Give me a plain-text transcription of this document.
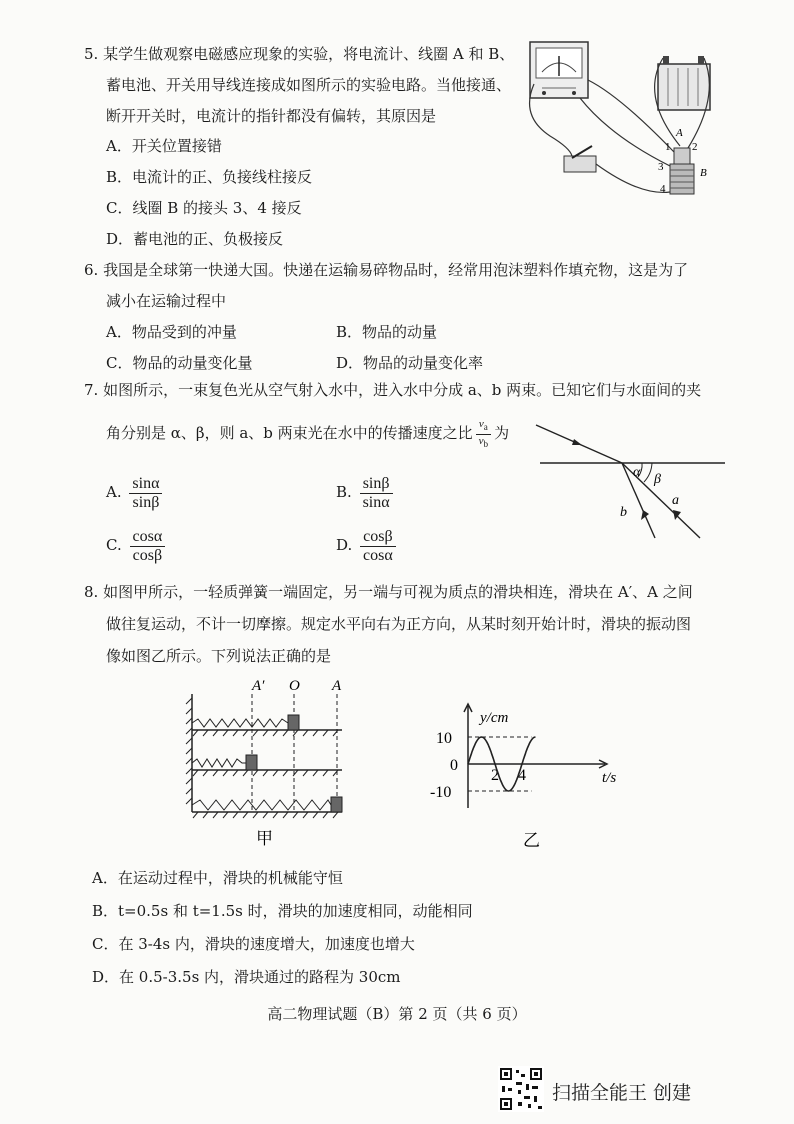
5. 某学生做观察电磁感应现象的实验，将电流计、线圈 A 和 B、
蓄电池、开关用导线连接成如图所示的实验电路。当他接通、
断开开关时，电流计的指针都没有偏转，其原因是
A．开关位置接错
B．电流计的正、负接线柱接反
C．线圈 B 的接头 3、4 接反
D．蓄电池的正、负极接反
A
B
1 2
3
4
6. 我国是全球第一快递大国。快递在运输易碎物品时，经常用泡沫塑料作填充物，这是为了
减小在运输过程中
A．物品受到的冲量	B．物品的动量
C．物品的动量变化量	D．物品的动量变化率
7. 如图所示，一束复色光从空气射入水中，进入水中分成 a、b 两束。已知它们与水面间的夹
角分别是 α、β，则 a、b 两束光在水中的传播速度之比 $\frac{v_a}{v_b}$ 为
A. $\frac{\sin\alpha}{\sin\beta}$	B. $\frac{\sin\beta}{\sin\alpha}$
C. $\frac{\cos\alpha}{\cos\beta}$	D. $\frac{\cos\beta}{\cos\alpha}$
α β
a
b
8. 如图甲所示，一轻质弹簧一端固定，另一端与可视为质点的滑块相连，滑块在 A′、A 之间
做往复运动，不计一切摩擦。规定水平向右为正方向，从某时刻开始计时，滑块的振动图
像如图乙所示。下列说法正确的是
A′ O A
甲
y/cm
t/s
10
0
-10
2 4
乙
A．在运动过程中，滑块的机械能守恒
B．t=0.5s 和 t=1.5s 时，滑块的加速度相同，动能相同
C．在 3-4s 内，滑块的速度增大，加速度也增大
D．在 0.5-3.5s 内，滑块通过的路程为 30cm
高二物理试题（B）第 2 页（共 6 页）
扫描全能王 创建
